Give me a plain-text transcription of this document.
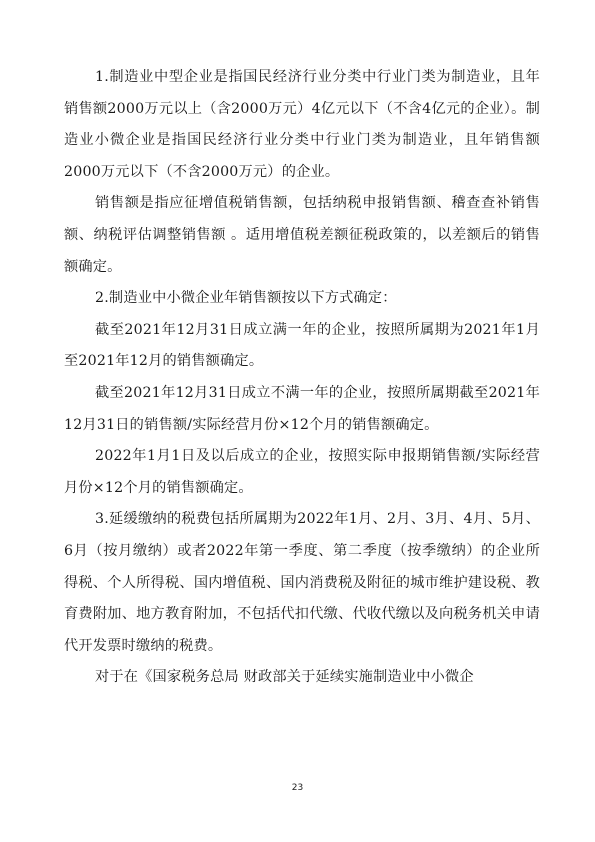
1.制造业中型企业是指国民经济行业分类中行业门类为制造业，且年销售额2000万元以上（含2000万元）4亿元以下（不含4亿元的企业）。制造业小微企业是指国民经济行业分类中行业门类为制造业，且年销售额2000万元以下（不含2000万元）的企业。

销售额是指应征增值税销售额，包括纳税申报销售额、稽查查补销售额、纳税评估调整销售额 。适用增值税差额征税政策的，以差额后的销售额确定。

2.制造业中小微企业年销售额按以下方式确定：

截至2021年12月31日成立满一年的企业，按照所属期为2021年1月至2021年12月的销售额确定。

截至2021年12月31日成立不满一年的企业，按照所属期截至2021年12月31日的销售额/实际经营月份×12个月的销售额确定。

2022年1月1日及以后成立的企业，按照实际申报期销售额/实际经营月份×12个月的销售额确定。

3.延缓缴纳的税费包括所属期为2022年1月、2月、3月、4月、5月、6月（按月缴纳）或者2022年第一季度、第二季度（按季缴纳）的企业所得税、个人所得税、国内增值税、国内消费税及附征的城市维护建设税、教育费附加、地方教育附加，不包括代扣代缴、代收代缴以及向税务机关申请代开发票时缴纳的税费。

对于在《国家税务总局 财政部关于延续实施制造业中小微企

23
